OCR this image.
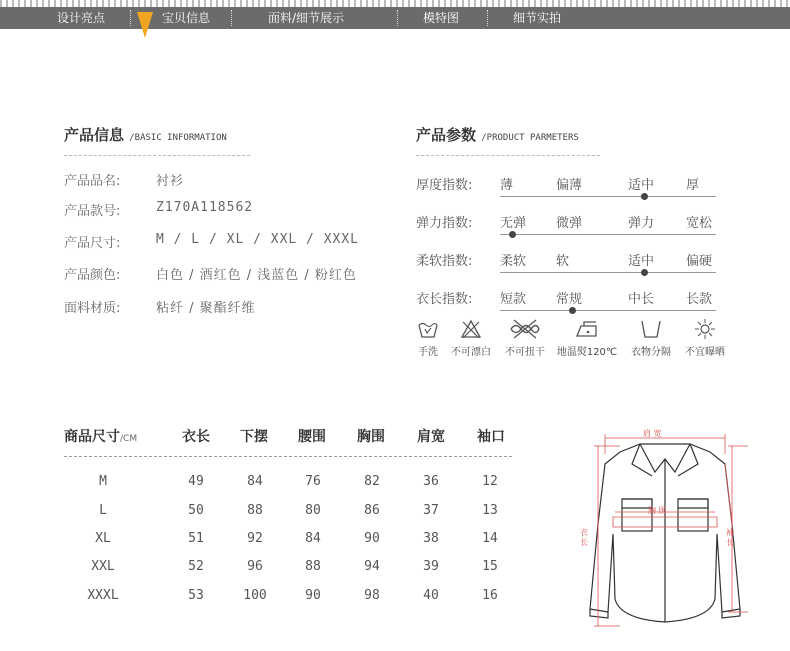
设计亮点	宝贝信息	面料/细节展示	模特图	细节实拍
产品信息 /BASIC INFORMATION
产品品名:	衬衫
产品款号:	Z170A118562
产品尺寸:	M / L / XL / XXL / XXXL
产品颜色:	白色 / 酒红色 / 浅蓝色 / 粉红色
面料材质:	粘纤 / 聚酯纤维
产品参数 /PRODUCT PARMETERS
厚度指数: 薄	偏薄	适中 厚
弹力指数: 无弹 微弹	弹力 宽松
柔软指数: 柔软 软	适中 偏硬
衣长指数: 短款 常规	中长 长款
手洗	不可漂白	不可扭干	地温熨120℃	衣物分隔	不宜曝晒
商品尺寸/CM	衣长 下摆 腰围 胸围 肩宽 袖口
M	49	84	76	82	36	12
L	50	88	80	86	37	13
XL	51	92	84	90	38	14
XXL	52	96	88	94	39	15
XXXL	53	100	90	98	40	16
肩 宽
胸 围
衣 长
袖 长
